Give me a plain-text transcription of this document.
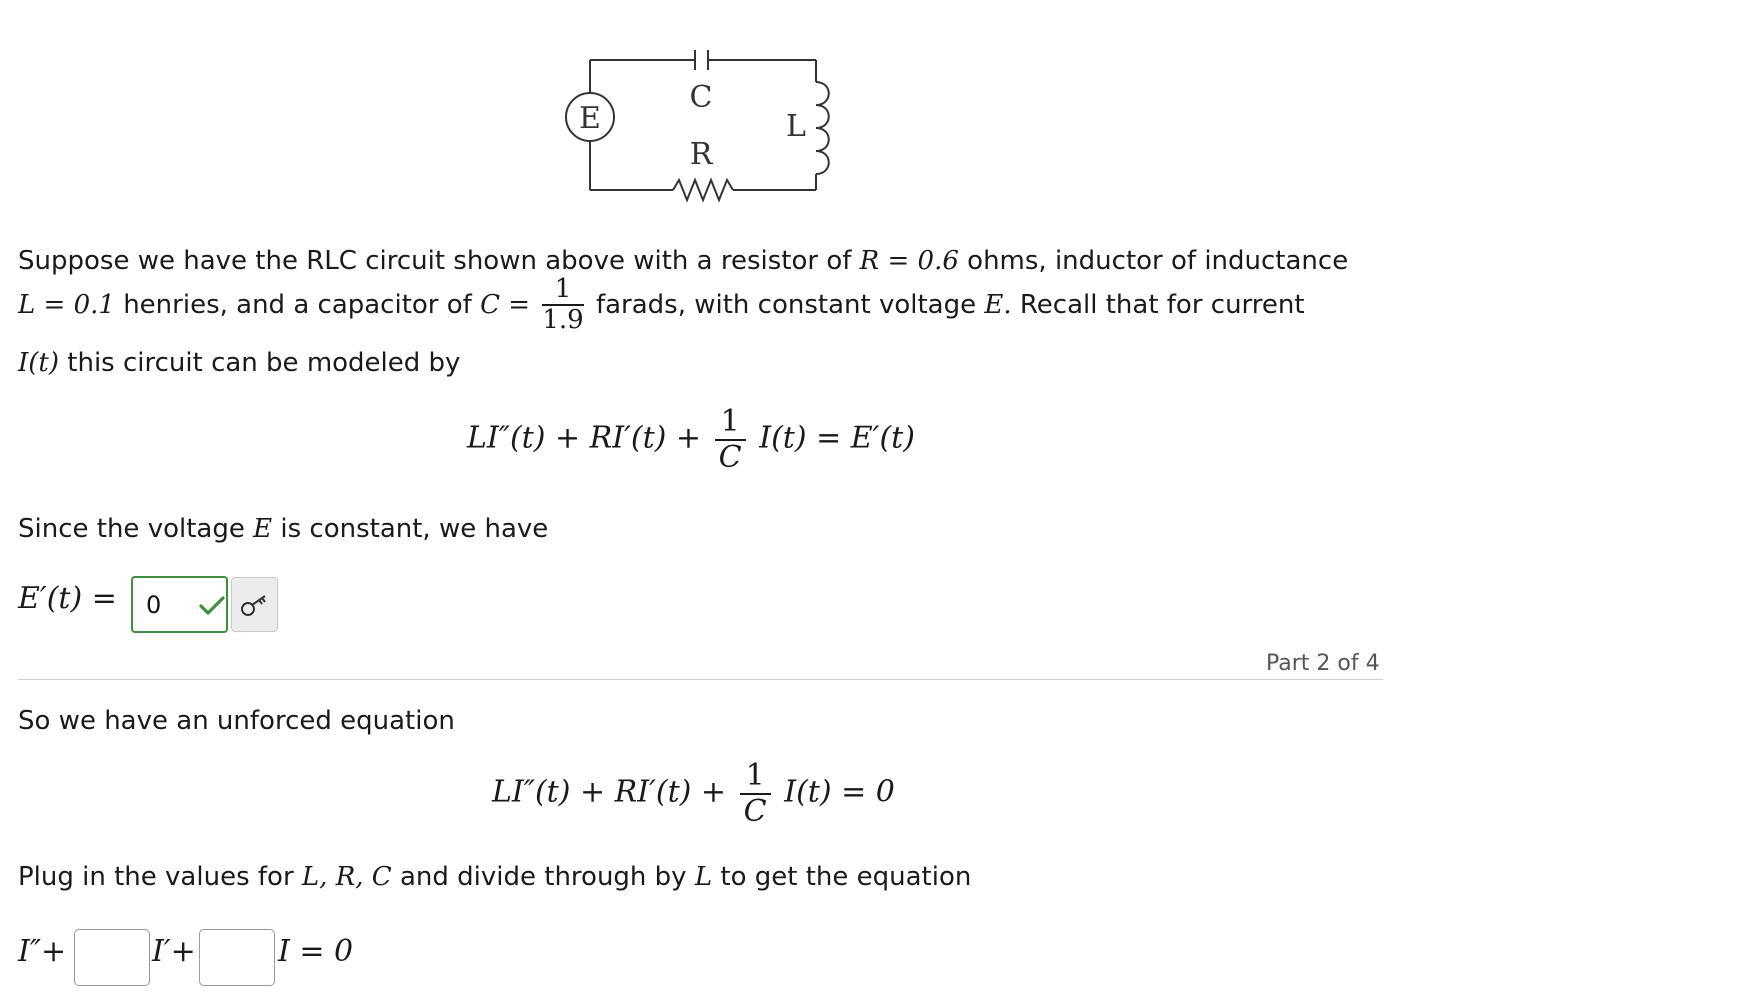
E
C
R
L
Suppose we have the RLC circuit shown above with a resistor of R = 0.6 ohms, inductor of inductance
L = 0.1 henries, and a capacitor of $C = \frac{1}{1.9}$ farads, with constant voltage E. Recall that for current
I(t) this circuit can be modeled by
$LI''(t) + RI'(t) + \frac{1}{C} I(t) = E'(t)$
Since the voltage E is constant, we have
E′(t) = 0
Part 2 of 4
So we have an unforced equation
$LI''(t) + RI'(t) + \frac{1}{C} I(t) = 0$
Plug in the values for L, R, C and divide through by L to get the equation
I″+	I′+	I = 0
